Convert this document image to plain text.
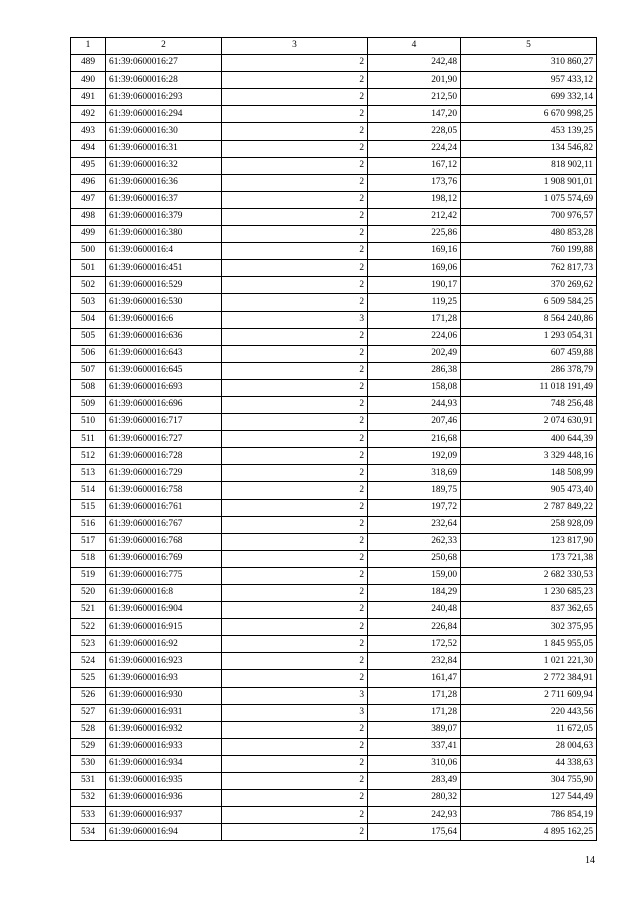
1	2	3	4	5
489	61:39:0600016:27	2	242,48	310 860,27
490	61:39:0600016:28	2	201,90	957 433,12
491	61:39:0600016:293	2	212,50	699 332,14
492	61:39:0600016:294	2	147,20	6 670 998,25
493	61:39:0600016:30	2	228,05	453 139,25
494	61:39:0600016:31	2	224,24	134 546,82
495	61:39:0600016:32	2	167,12	818 902,11
496	61:39:0600016:36	2	173,76	1 908 901,01
497	61:39:0600016:37	2	198,12	1 075 574,69
498	61:39:0600016:379	2	212,42	700 976,57
499	61:39:0600016:380	2	225,86	480 853,28
500	61:39:0600016:4	2	169,16	760 199,88
501	61:39:0600016:451	2	169,06	762 817,73
502	61:39:0600016:529	2	190,17	370 269,62
503	61:39:0600016:530	2	119,25	6 509 584,25
504	61:39:0600016:6	3	171,28	8 564 240,86
505	61:39:0600016:636	2	224,06	1 293 054,31
506	61:39:0600016:643	2	202,49	607 459,88
507	61:39:0600016:645	2	286,38	286 378,79
508	61:39:0600016:693	2	158,08	11 018 191,49
509	61:39:0600016:696	2	244,93	748 256,48
510	61:39:0600016:717	2	207,46	2 074 630,91
511	61:39:0600016:727	2	216,68	400 644,39
512	61:39:0600016:728	2	192,09	3 329 448,16
513	61:39:0600016:729	2	318,69	148 508,99
514	61:39:0600016:758	2	189,75	905 473,40
515	61:39:0600016:761	2	197,72	2 787 849,22
516	61:39:0600016:767	2	232,64	258 928,09
517	61:39:0600016:768	2	262,33	123 817,90
518	61:39:0600016:769	2	250,68	173 721,38
519	61:39:0600016:775	2	159,00	2 682 330,53
520	61:39:0600016:8	2	184,29	1 230 685,23
521	61:39:0600016:904	2	240,48	837 362,65
522	61:39:0600016:915	2	226,84	302 375,95
523	61:39:0600016:92	2	172,52	1 845 955,05
524	61:39:0600016:923	2	232,84	1 021 221,30
525	61:39:0600016:93	2	161,47	2 772 384,91
526	61:39:0600016:930	3	171,28	2 711 609,94
527	61:39:0600016:931	3	171,28	220 443,56
528	61:39:0600016:932	2	389,07	11 672,05
529	61:39:0600016:933	2	337,41	28 004,63
530	61:39:0600016:934	2	310,06	44 338,63
531	61:39:0600016:935	2	283,49	304 755,90
532	61:39:0600016:936	2	280,32	127 544,49
533	61:39:0600016:937	2	242,93	786 854,19
534	61:39:0600016:94	2	175,64	4 895 162,25
14
